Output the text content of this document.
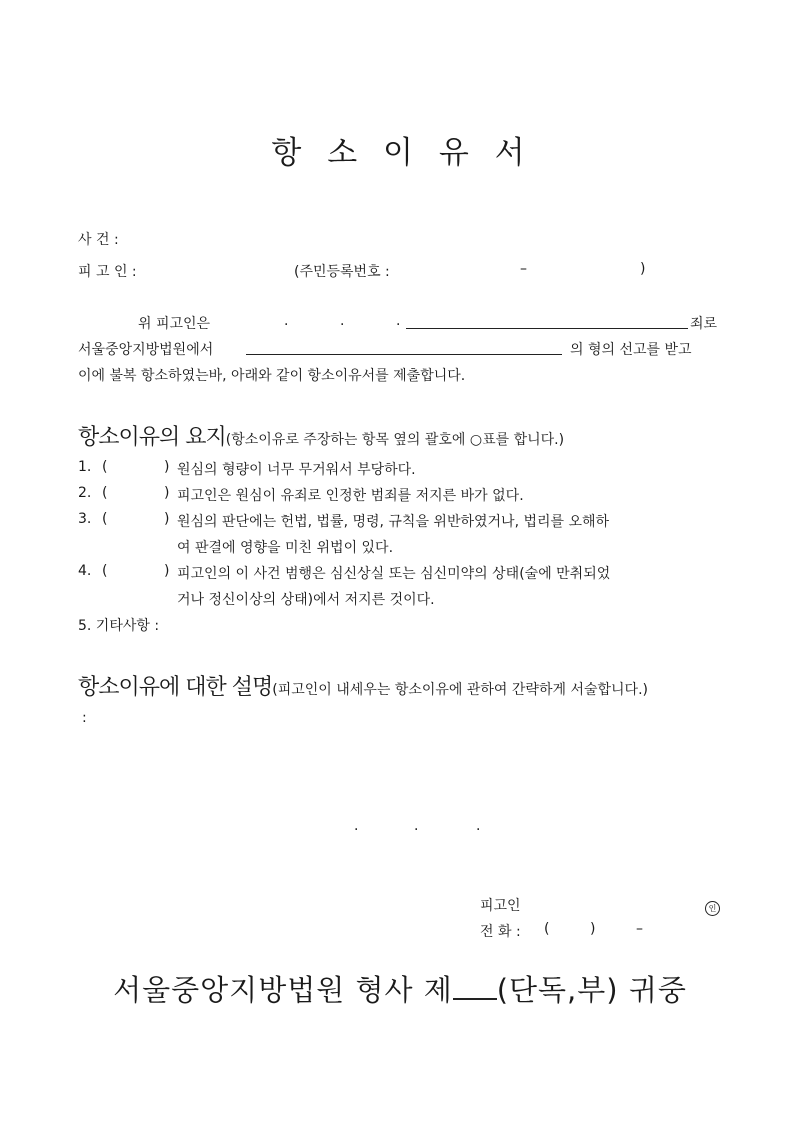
항 소 이 유 서
사 건 :
피 고 인 :	(주민등록번호 :	–	)
위 피고인은	.	.	.	죄로
서울중앙지방법원에서	의 형의 선고를 받고
이에 불복 항소하였는바, 아래와 같이 항소이유서를 제출합니다.
항소이유의 요지(항소이유로 주장하는 항목 옆의 괄호에 ○표를 합니다.)
1. (	) 원심의 형량이 너무 무거워서 부당하다.
2. (	) 피고인은 원심이 유죄로 인정한 범죄를 저지른 바가 없다.
3. (	) 원심의 판단에는 헌법, 법률, 명령, 규칙을 위반하였거나, 법리를 오해하
여 판결에 영향을 미친 위법이 있다.
4. (	) 피고인의 이 사건 범행은 심신상실 또는 심신미약의 상태(술에 만취되었
거나 정신이상의 상태)에서 저지른 것이다.
5. 기타사항 :
항소이유에 대한 설명(피고인이 내세우는 항소이유에 관하여 간략하게 서술합니다.)
:
.	.	.
피고인	인
전 화 : (	)	–
서울중앙지방법원 형사 제 (단독,부) 귀중
